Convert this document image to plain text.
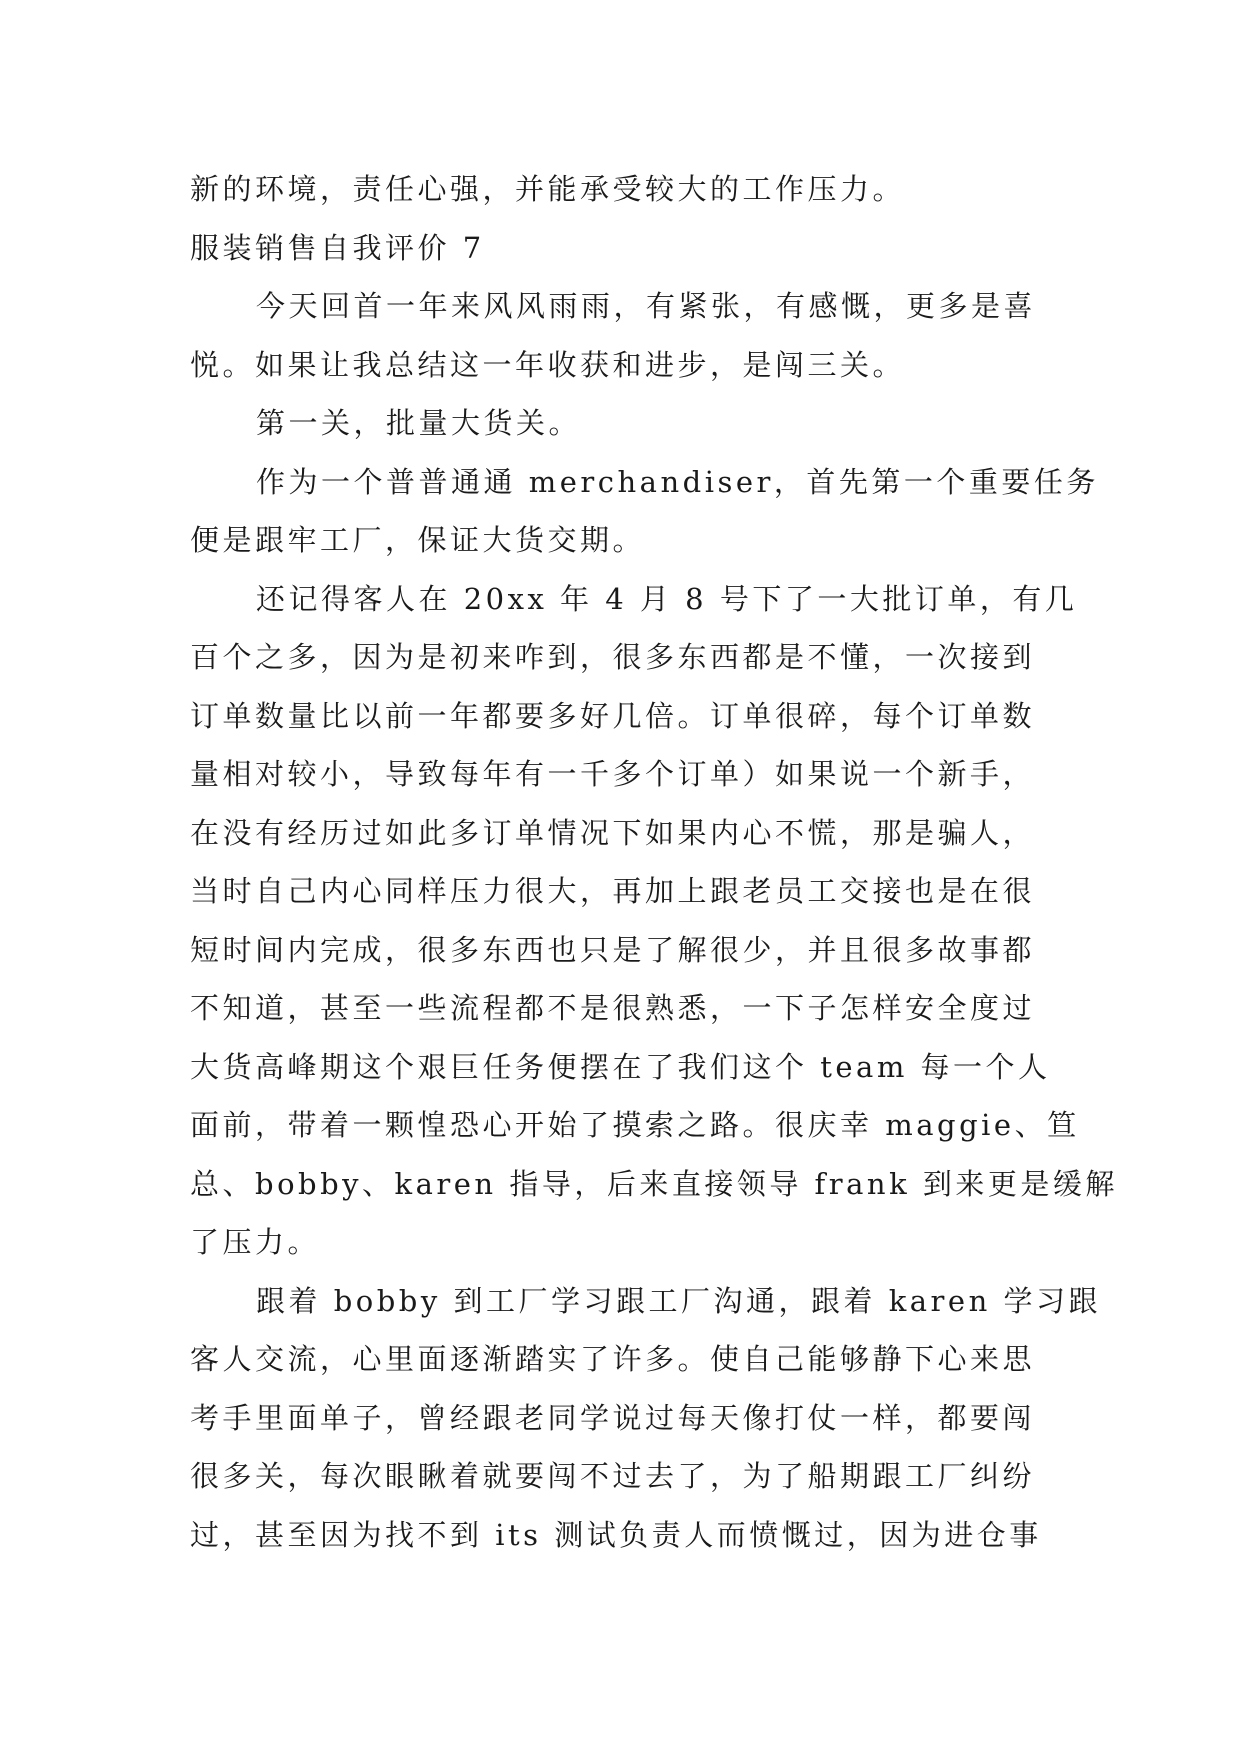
新的环境，责任心强，并能承受较大的工作压力。
服装销售自我评价 7
今天回首一年来风风雨雨，有紧张，有感慨，更多是喜
悦。如果让我总结这一年收获和进步，是闯三关。
第一关，批量大货关。
作为一个普普通通 merchandiser，首先第一个重要任务
便是跟牢工厂，保证大货交期。
还记得客人在 20xx 年 4 月 8 号下了一大批订单，有几
百个之多，因为是初来咋到，很多东西都是不懂，一次接到
订单数量比以前一年都要多好几倍。订单很碎，每个订单数
量相对较小，导致每年有一千多个订单）如果说一个新手，
在没有经历过如此多订单情况下如果内心不慌，那是骗人，
当时自己内心同样压力很大，再加上跟老员工交接也是在很
短时间内完成，很多东西也只是了解很少，并且很多故事都
不知道，甚至一些流程都不是很熟悉，一下子怎样安全度过
大货高峰期这个艰巨任务便摆在了我们这个 team 每一个人
面前，带着一颗惶恐心开始了摸索之路。很庆幸 maggie、笪
总、bobby、karen 指导，后来直接领导 frank 到来更是缓解
了压力。
跟着 bobby 到工厂学习跟工厂沟通，跟着 karen 学习跟
客人交流，心里面逐渐踏实了许多。使自己能够静下心来思
考手里面单子，曾经跟老同学说过每天像打仗一样，都要闯
很多关，每次眼瞅着就要闯不过去了，为了船期跟工厂纠纷
过，甚至因为找不到 its 测试负责人而愤慨过，因为进仓事
